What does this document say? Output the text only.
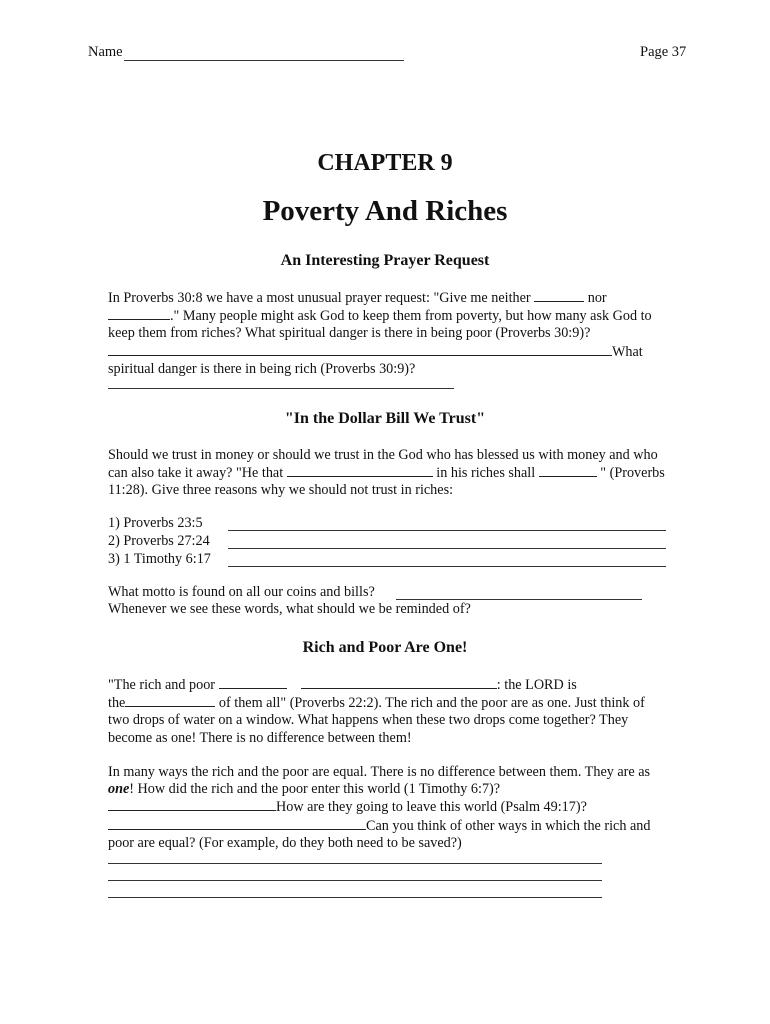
Name	Page 37
CHAPTER 9
Poverty And Riches
An Interesting Prayer Request
In Proverbs 30:8 we have a most unusual prayer request: "Give me neither	nor
." Many people might ask God to keep them from poverty, but how many ask God to
keep them from riches? What spiritual danger is there in being poor (Proverbs 30:9)?
What
spiritual danger is there in being rich (Proverbs 30:9)?
"In the Dollar Bill We Trust"
Should we trust in money or should we trust in the God who has blessed us with money and who
can also take it away? "He that	in his riches shall	" (Proverbs
11:28). Give three reasons why we should not trust in riches:
1) Proverbs 23:5
2) Proverbs 27:24
3) 1 Timothy 6:17
What motto is found on all our coins and bills?
Whenever we see these words, what should we be reminded of?
Rich and Poor Are One!
"The rich and poor	: the LORD is
the	of them all" (Proverbs 22:2). The rich and the poor are as one. Just think of
two drops of water on a window. What happens when these two drops come together? They
become as one! There is no difference between them!
In many ways the rich and the poor are equal. There is no difference between them. They are as
one! How did the rich and the poor enter this world (1 Timothy 6:7)?
How are they going to leave this world (Psalm 49:17)?
Can you think of other ways in which the rich and
poor are equal? (For example, do they both need to be saved?)
